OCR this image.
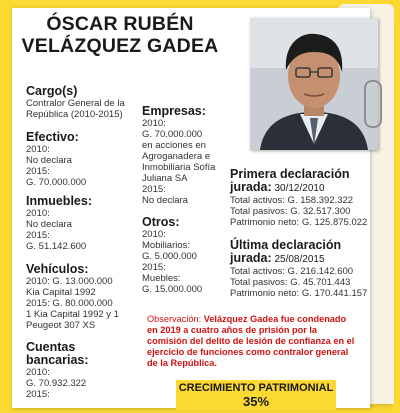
ÓSCAR RUBÉN
VELÁZQUEZ GADEA
Cargo(s)
Contralor General de la
República (2010-2015)
Efectivo:
2010:
No declara
2015:
G. 70.000.000
Inmuebles:
2010:
No declara
2015:
G. 51.142.600
Vehículos:
2010: G. 13.000.000
Kia Capital 1992
2015: G. 80.000.000
1 Kia Capital 1992 y 1
Peugeot 307 XS
Cuentas
bancarias:
2010:
G. 70.932.322
2015:
Empresas:
2010:
G. 70.000.000
en acciones en
Agroganadera e
Inmobiliaria Sofía
Juliana SA
2015:
No declara
Otros:
2010:
Mobiliarios:
G. 5.000.000
2015:
Muebles:
G. 15.000.000
Primera declaración
jurada: 30/12/2010
Total activos: G. 158.392.322
Total pasivos: G. 32.517.300
Patrimonio neto: G. 125.875.022
Última declaración
jurada: 25/08/2015
Total activos: G. 216.142.600
Total pasivos: G. 45.701.443
Patrimonio neto: G. 170.441.157
Observación: Velázquez Gadea fue condenado en 2019 a cuatro años de prisión por la comisión del delito de lesión de confianza en el ejercicio de funciones como contralor general de la República.
CRECIMIENTO PATRIMONIAL
35%
